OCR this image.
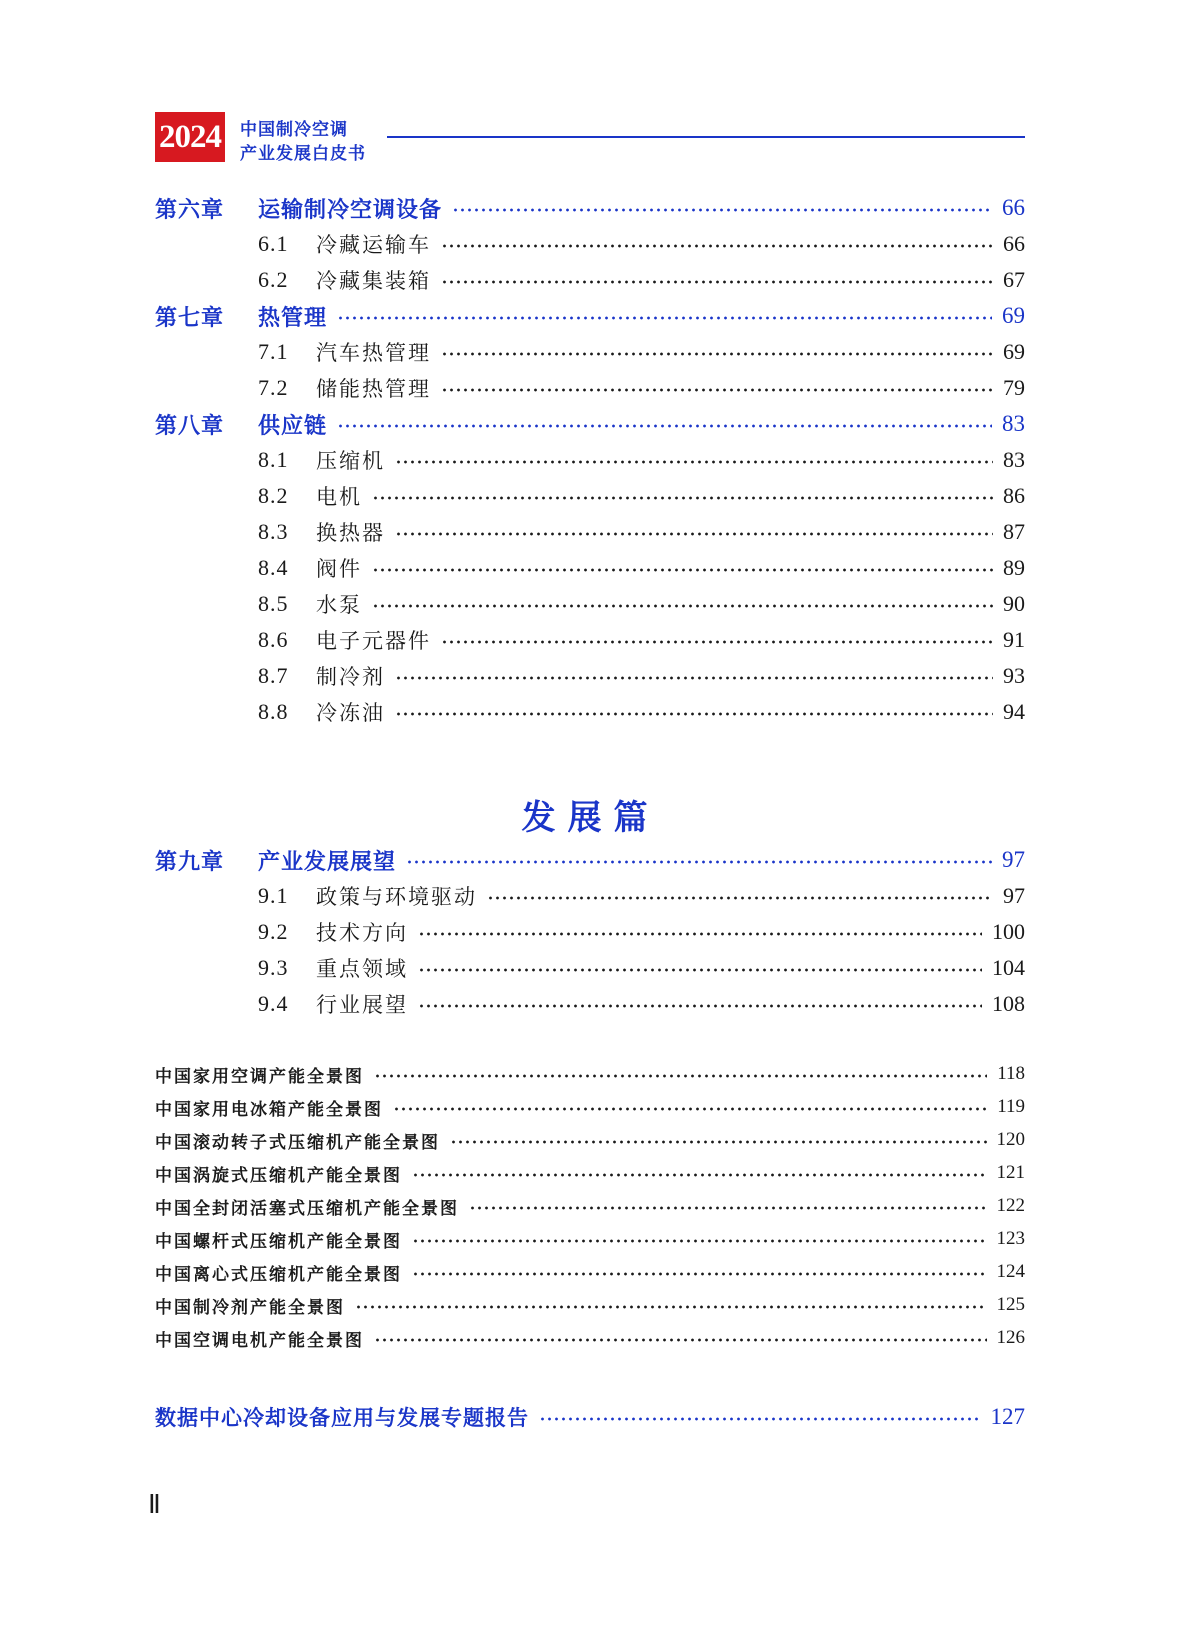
2024 中国制冷空调
产业发展白皮书
第六章	运输制冷空调设备	66
6.1	冷藏运输车	66
6.2	冷藏集装箱	67
第七章	热管理	69
7.1	汽车热管理	69
7.2	储能热管理	79
第八章	供应链	83
8.1	压缩机	83
8.2	电机	86
8.3	换热器	87
8.4	阀件	89
8.5	水泵	90
8.6	电子元器件	91
8.7	制冷剂	93
8.8	冷冻油	94
发展篇
第九章	产业发展展望	97
9.1	政策与环境驱动	97
9.2	技术方向	100
9.3	重点领域	104
9.4	行业展望	108
中国家用空调产能全景图	118
中国家用电冰箱产能全景图	119
中国滚动转子式压缩机产能全景图	120
中国涡旋式压缩机产能全景图	121
中国全封闭活塞式压缩机产能全景图	122
中国螺杆式压缩机产能全景图	123
中国离心式压缩机产能全景图	124
中国制冷剂产能全景图	125
中国空调电机产能全景图	126
数据中心冷却设备应用与发展专题报告	127
Ⅱ
